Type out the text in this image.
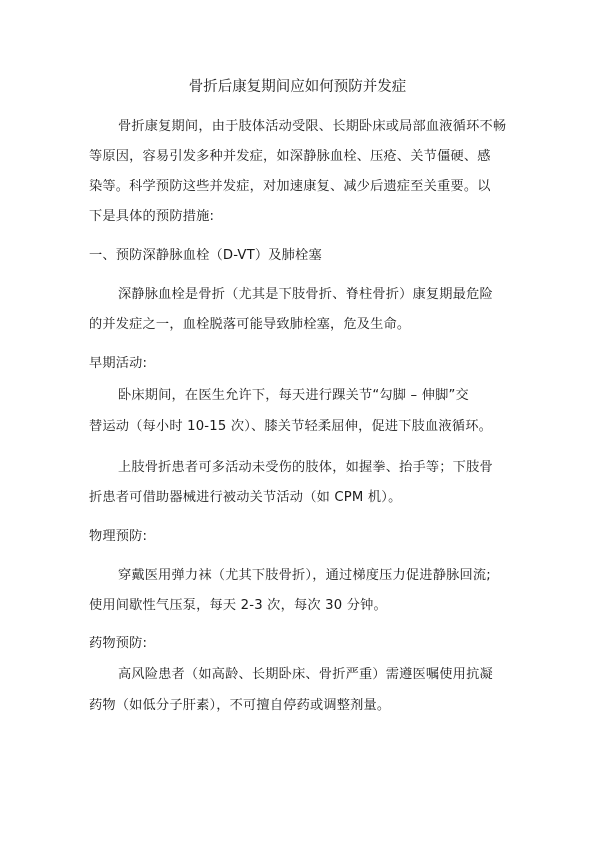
骨折后康复期间应如何预防并发症
骨折康复期间，由于肢体活动受限、长期卧床或局部血液循环不畅
等原因，容易引发多种并发症，如深静脉血栓、压疮、关节僵硬、感
染等。科学预防这些并发症，对加速康复、减少后遗症至关重要。以
下是具体的预防措施:
一、预防深静脉血栓（D-VT）及肺栓塞
深静脉血栓是骨折（尤其是下肢骨折、脊柱骨折）康复期最危险
的并发症之一，血栓脱落可能导致肺栓塞，危及生命。
早期活动:
卧床期间，在医生允许下，每天进行踝关节“勾脚 – 伸脚”交
替运动（每小时 10-15 次）、膝关节轻柔屈伸，促进下肢血液循环。
上肢骨折患者可多活动未受伤的肢体，如握拳、抬手等；下肢骨
折患者可借助器械进行被动关节活动（如 CPM 机）。
物理预防:
穿戴医用弹力袜（尤其下肢骨折），通过梯度压力促进静脉回流;
使用间歇性气压泵，每天 2-3 次，每次 30 分钟。
药物预防:
高风险患者（如高龄、长期卧床、骨折严重）需遵医嘱使用抗凝
药物（如低分子肝素），不可擅自停药或调整剂量。
